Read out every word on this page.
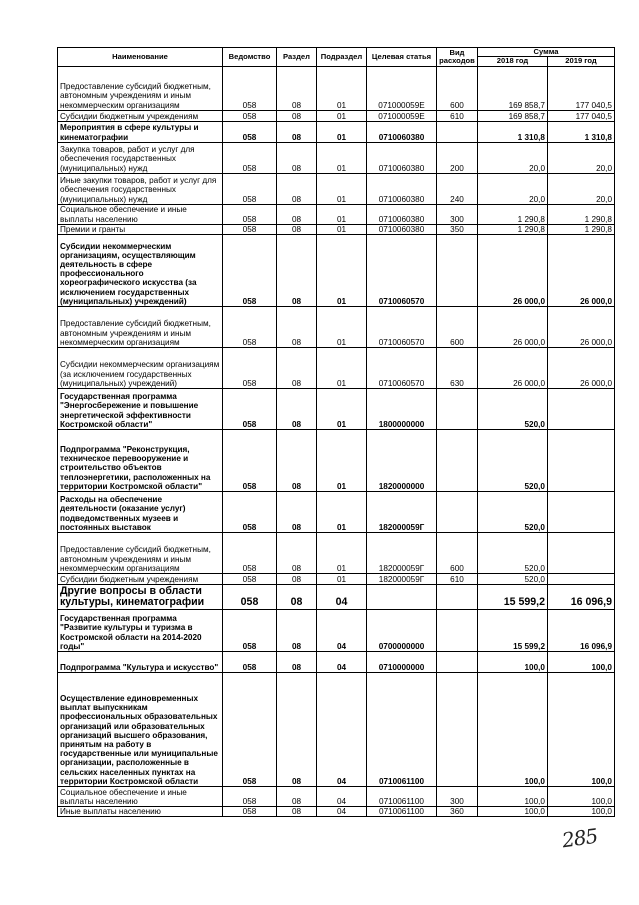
Наименование	Ведомство	Раздел	Подраздел	Целевая статья	Вид расходов	Сумма	
						2018 год	2019 год
Предоставление субсидий бюджетным, автономным учреждениям и иным некоммерческим организациям	058	08	01	071000059Е	600	169 858,7	177 040,5
Субсидии бюджетным учреждениям	058	08	01	071000059Е	610	169 858,7	177 040,5
Мероприятия в сфере культуры и кинематографии	058	08	01	0710060380		1 310,8	1 310,8
Закупка товаров, работ и услуг для обеспечения государственных (муниципальных) нужд	058	08	01	0710060380	200	20,0	20,0
Иные закупки товаров, работ и услуг для обеспечения государственных (муниципальных) нужд	058	08	01	0710060380	240	20,0	20,0
Социальное обеспечение и иные выплаты населению	058	08	01	0710060380	300	1 290,8	1 290,8
Премии и гранты	058	08	01	0710060380	350	1 290,8	1 290,8
Субсидии некоммерческим организациям, осуществляющим деятельность в сфере профессионального хореографического искусства (за исключением государственных (муниципальных) учреждений)	058	08	01	0710060570		26 000,0	26 000,0
Предоставление субсидий бюджетным, автономным учреждениям и иным некоммерческим организациям	058	08	01	0710060570	600	26 000,0	26 000,0
Субсидии некоммерческим организациям (за исключением государственных (муниципальных) учреждений)	058	08	01	0710060570	630	26 000,0	26 000,0
Государственная программа "Энергосбережение и повышение энергетической эффективности Костромской области"	058	08	01	1800000000		520,0	
Подпрограмма "Реконструкция, техническое перевооружение и строительство объектов теплоэнергетики, расположенных на территории Костромской области"	058	08	01	1820000000		520,0	
Расходы на обеспечение деятельности (оказание услуг) подведомственных музеев и постоянных выставок	058	08	01	182000059Г		520,0	
Предоставление субсидий бюджетным, автономным учреждениям и иным некоммерческим организациям	058	08	01	182000059Г	600	520,0	
Субсидии бюджетным учреждениям	058	08	01	182000059Г	610	520,0	
Другие вопросы в области культуры, кинематографии	058	08	04			15 599,2	16 096,9
Государственная программа "Развитие культуры и туризма в Костромской области на 2014-2020 годы"	058	08	04	0700000000		15 599,2	16 096,9
Подпрограмма "Культура и искусство"	058	08	04	0710000000		100,0	100,0
Осуществление единовременных выплат выпускникам профессиональных образовательных организаций или образовательных организаций высшего образования, принятым на работу в государственные или муниципальные организации, расположенные в сельских населенных пунктах на территории Костромской области	058	08	04	0710061100		100,0	100,0
Социальное обеспечение и иные выплаты населению	058	08	04	0710061100	300	100,0	100,0
Иные выплаты населению	058	08	04	0710061100	360	100,0	100,0
285
